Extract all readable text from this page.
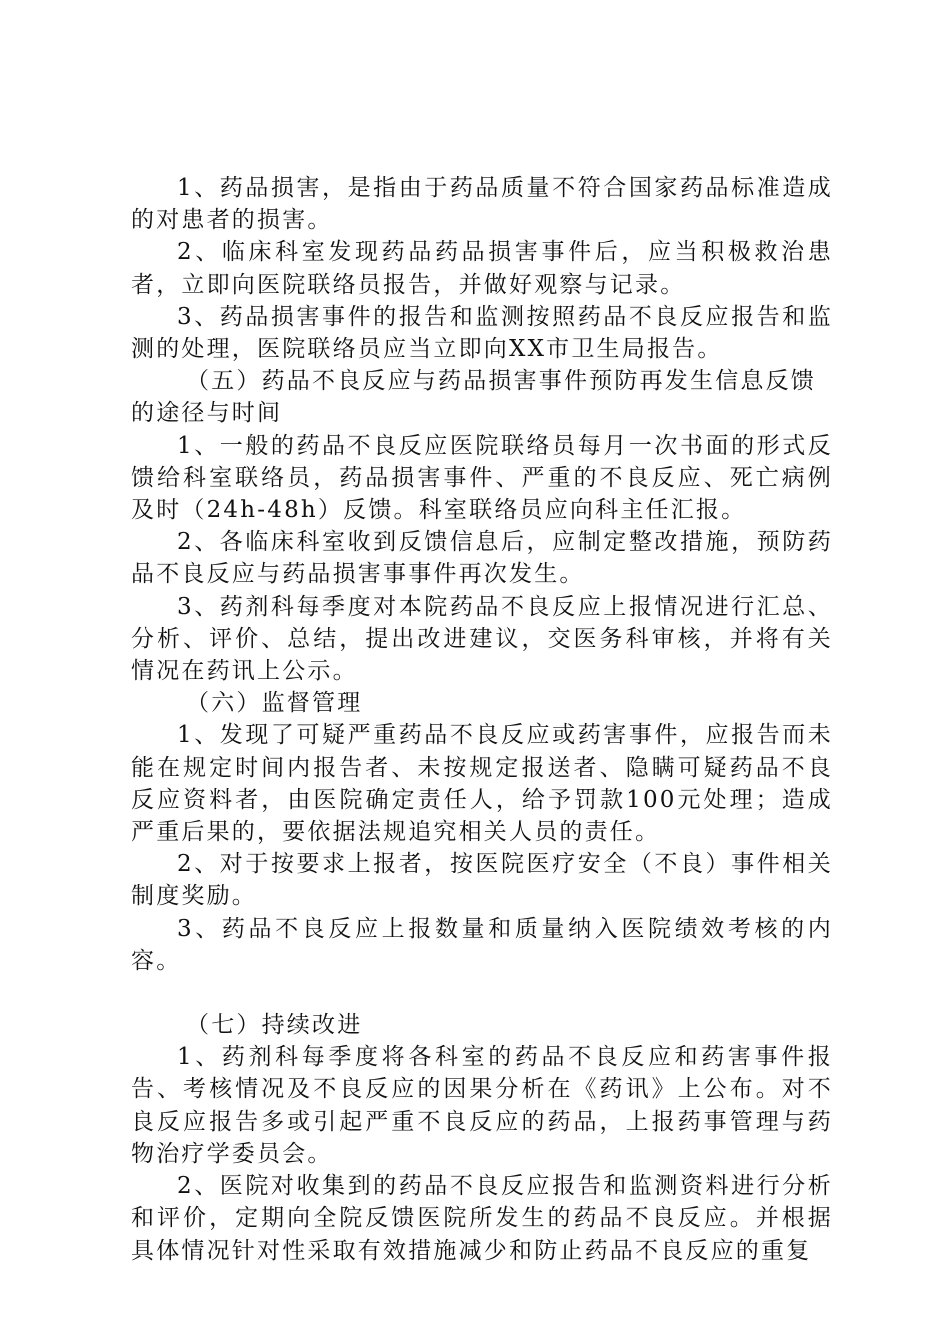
1、药品损害，是指由于药品质量不符合国家药品标准造成的对患者的损害。

2、临床科室发现药品药品损害事件后，应当积极救治患者，立即向医院联络员报告，并做好观察与记录。

3、药品损害事件的报告和监测按照药品不良反应报告和监测的处理，医院联络员应当立即向XX市卫生局报告。

（五）药品不良反应与药品损害事件预防再发生信息反馈的途径与时间

1、一般的药品不良反应医院联络员每月一次书面的形式反馈给科室联络员，药品损害事件、严重的不良反应、死亡病例及时（24h-48h）反馈。科室联络员应向科主任汇报。

2、各临床科室收到反馈信息后，应制定整改措施，预防药品不良反应与药品损害事事件再次发生。

3、药剂科每季度对本院药品不良反应上报情况进行汇总、分析、评价、总结，提出改进建议，交医务科审核，并将有关情况在药讯上公示。

（六）监督管理

1、发现了可疑严重药品不良反应或药害事件，应报告而未能在规定时间内报告者、未按规定报送者、隐瞒可疑药品不良反应资料者，由医院确定责任人，给予罚款100元处理；造成严重后果的，要依据法规追究相关人员的责任。

2、对于按要求上报者，按医院医疗安全（不良）事件相关制度奖励。

3、药品不良反应上报数量和质量纳入医院绩效考核的内容。

（七）持续改进

1、药剂科每季度将各科室的药品不良反应和药害事件报告、考核情况及不良反应的因果分析在《药讯》上公布。对不良反应报告多或引起严重不良反应的药品，上报药事管理与药物治疗学委员会。

2、医院对收集到的药品不良反应报告和监测资料进行分析和评价，定期向全院反馈医院所发生的药品不良反应。并根据具体情况针对性采取有效措施减少和防止药品不良反应的重复
